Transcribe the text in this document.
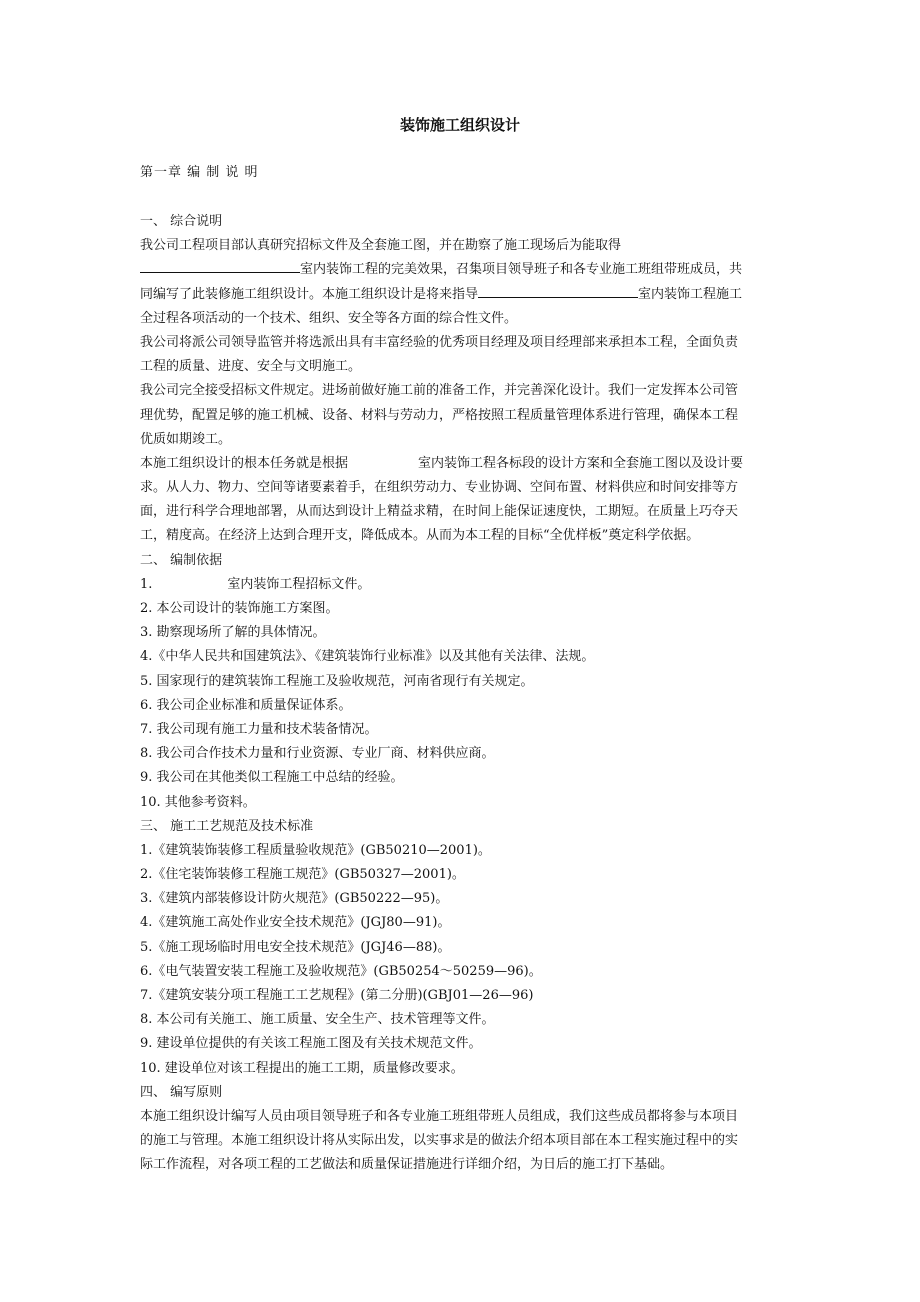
装饰施工组织设计
第一章 编 制 说 明
一、 综合说明
我公司工程项目部认真研究招标文件及全套施工图，并在勘察了施工现场后为能取得
室内装饰工程的完美效果，召集项目领导班子和各专业施工班组带班成员，共
同编写了此装修施工组织设计。本施工组织设计是将来指导	室内装饰工程施工
全过程各项活动的一个技术、组织、安全等各方面的综合性文件。
我公司将派公司领导监管并将选派出具有丰富经验的优秀项目经理及项目经理部来承担本工程，全面负责
工程的质量、进度、安全与文明施工。
我公司完全接受招标文件规定。进场前做好施工前的准备工作，并完善深化设计。我们一定发挥本公司管
理优势，配置足够的施工机械、设备、材料与劳动力，严格按照工程质量管理体系进行管理，确保本工程
优质如期竣工。
本施工组织设计的根本任务就是根据	室内装饰工程各标段的设计方案和全套施工图以及设计要
求。从人力、物力、空间等诸要素着手，在组织劳动力、专业协调、空间布置、材料供应和时间安排等方
面，进行科学合理地部署，从而达到设计上精益求精，在时间上能保证速度快，工期短。在质量上巧夺天
工，精度高。在经济上达到合理开支，降低成本。从而为本工程的目标“全优样板”奠定科学依据。
二、 编制依据
1.	室内装饰工程招标文件。
2. 本公司设计的装饰施工方案图。
3. 勘察现场所了解的具体情况。
4.《中华人民共和国建筑法》、《建筑装饰行业标准》以及其他有关法律、法规。
5. 国家现行的建筑装饰工程施工及验收规范，河南省现行有关规定。
6. 我公司企业标准和质量保证体系。
7. 我公司现有施工力量和技术装备情况。
8. 我公司合作技术力量和行业资源、专业厂商、材料供应商。
9. 我公司在其他类似工程施工中总结的经验。
10. 其他参考资料。
三、 施工工艺规范及技术标准
1.《建筑装饰装修工程质量验收规范》(GB50210—2001)。
2.《住宅装饰装修工程施工规范》(GB50327—2001)。
3.《建筑内部装修设计防火规范》(GB50222—95)。
4.《建筑施工高处作业安全技术规范》(JGJ80—91)。
5.《施工现场临时用电安全技术规范》(JGJ46—88)。
6.《电气装置安装工程施工及验收规范》(GB50254～50259—96)。
7.《建筑安装分项工程施工工艺规程》(第二分册)(GBJ01—26—96)
8. 本公司有关施工、施工质量、安全生产、技术管理等文件。
9. 建设单位提供的有关该工程施工图及有关技术规范文件。
10. 建设单位对该工程提出的施工工期，质量修改要求。
四、 编写原则
本施工组织设计编写人员由项目领导班子和各专业施工班组带班人员组成，我们这些成员都将参与本项目
的施工与管理。本施工组织设计将从实际出发，以实事求是的做法介绍本项目部在本工程实施过程中的实
际工作流程，对各项工程的工艺做法和质量保证措施进行详细介绍，为日后的施工打下基础。
